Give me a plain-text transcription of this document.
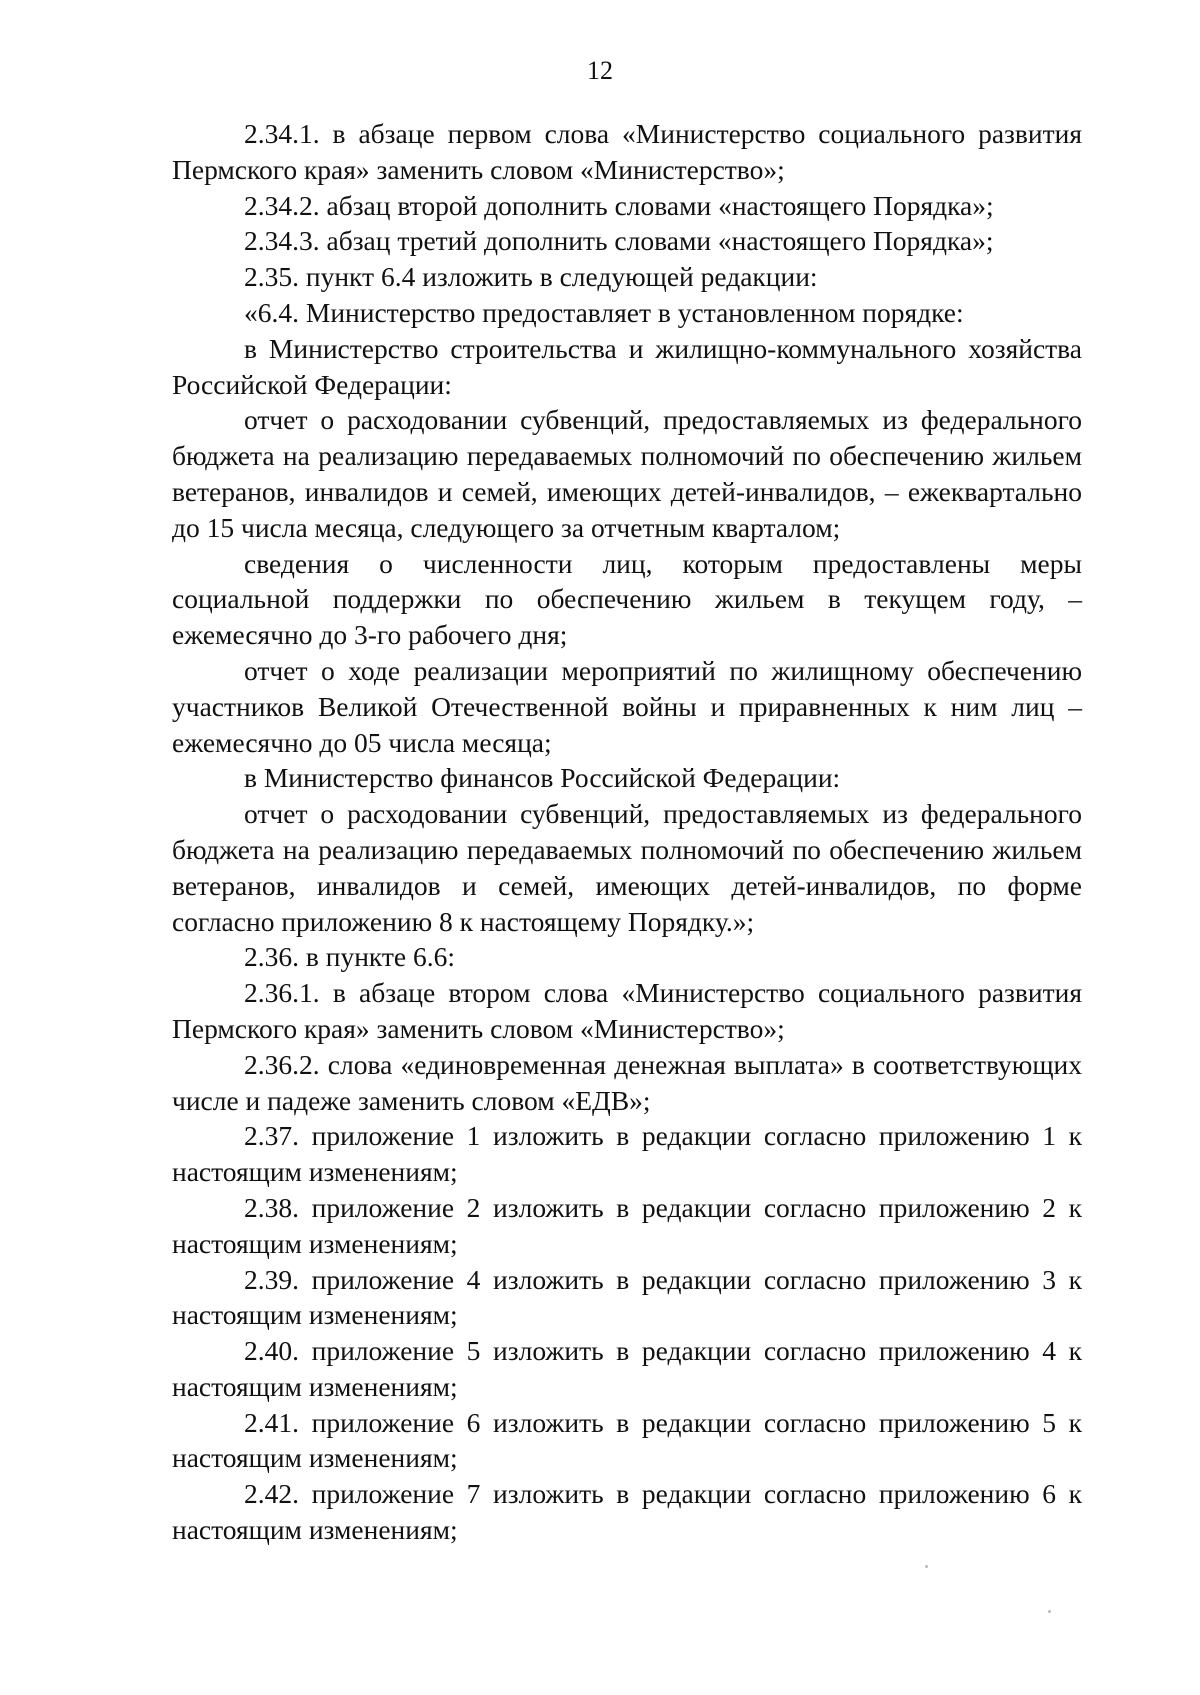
12

2.34.1. в абзаце первом слова «Министерство социального развития Пермского края» заменить словом «Министерство»;

2.34.2. абзац второй дополнить словами «настоящего Порядка»;

2.34.3. абзац третий дополнить словами «настоящего Порядка»;

2.35. пункт 6.4 изложить в следующей редакции:

«6.4. Министерство предоставляет в установленном порядке:

в Министерство строительства и жилищно-коммунального хозяйства Российской Федерации:

отчет о расходовании субвенций, предоставляемых из федерального бюджета на реализацию передаваемых полномочий по обеспечению жильем ветеранов, инвалидов и семей, имеющих детей-инвалидов, – ежеквартально до 15 числа месяца, следующего за отчетным кварталом;

сведения о численности лиц, которым предоставлены меры социальной поддержки по обеспечению жильем в текущем году, – ежемесячно до 3-го рабочего дня;

отчет о ходе реализации мероприятий по жилищному обеспечению участников Великой Отечественной войны и приравненных к ним лиц – ежемесячно до 05 числа месяца;

в Министерство финансов Российской Федерации:

отчет о расходовании субвенций, предоставляемых из федерального бюджета на реализацию передаваемых полномочий по обеспечению жильем ветеранов, инвалидов и семей, имеющих детей-инвалидов, по форме согласно приложению 8 к настоящему Порядку.»;

2.36. в пункте 6.6:

2.36.1. в абзаце втором слова «Министерство социального развития Пермского края» заменить словом «Министерство»;

2.36.2. слова «единовременная денежная выплата» в соответствующих числе и падеже заменить словом «ЕДВ»;

2.37. приложение 1 изложить в редакции согласно приложению 1 к настоящим изменениям;

2.38. приложение 2 изложить в редакции согласно приложению 2 к настоящим изменениям;

2.39. приложение 4 изложить в редакции согласно приложению 3 к настоящим изменениям;

2.40. приложение 5 изложить в редакции согласно приложению 4 к настоящим изменениям;

2.41. приложение 6 изложить в редакции согласно приложению 5 к настоящим изменениям;

2.42. приложение 7 изложить в редакции согласно приложению 6 к настоящим изменениям;
